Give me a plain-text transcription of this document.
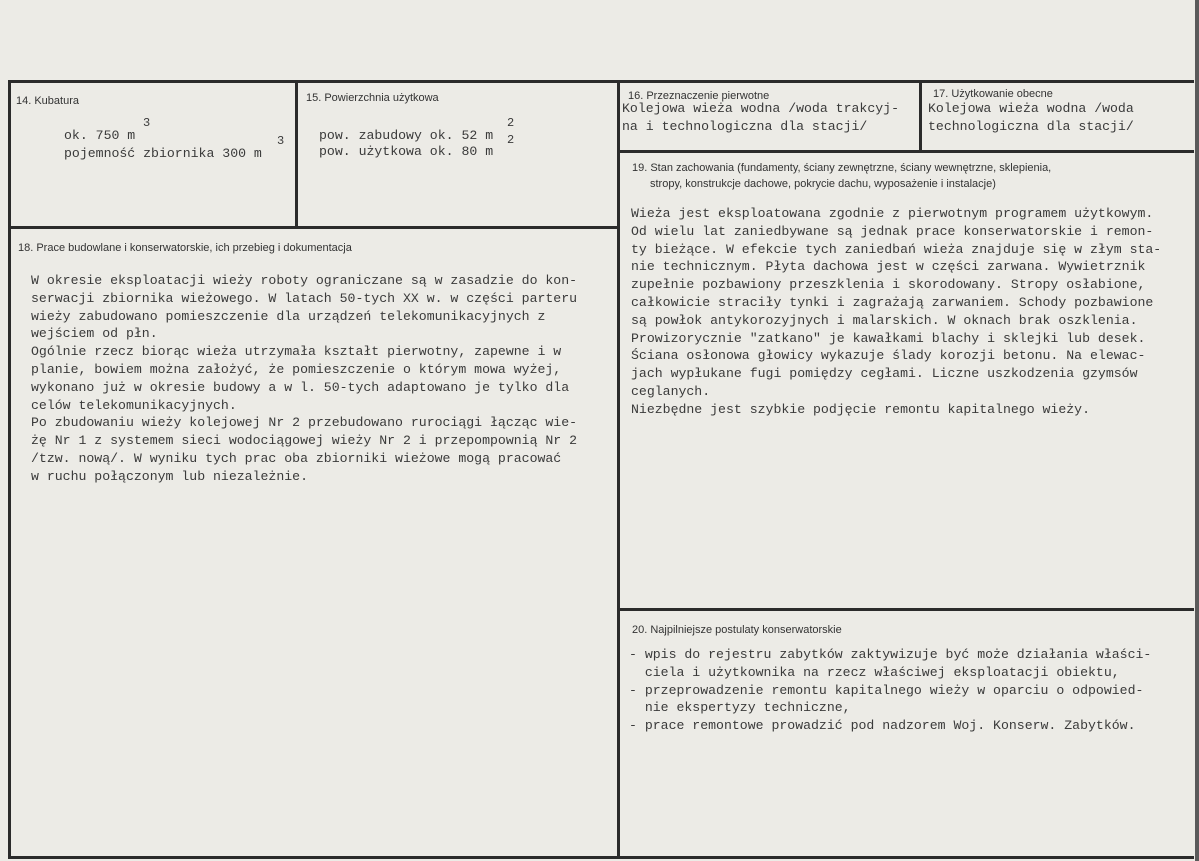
14. Kubatura
ok. 750 m
3
pojemność zbiornika 300 m
3
15. Powierzchnia użytkowa
pow. zabudowy ok. 52 m
2
pow. użytkowa ok. 80 m
2
16. Przeznaczenie pierwotne
Kolejowa wieża wodna /woda trakcyj-
na i technologiczna dla stacji/
17. Użytkowanie obecne
Kolejowa wieża wodna /woda
technologiczna dla stacji/
18. Prace budowlane i konserwatorskie, ich przebieg i dokumentacja
W okresie eksploatacji wieży roboty ograniczane są w zasadzie do kon-
serwacji zbiornika wieżowego. W latach 50-tych XX w. w części parteru
wieży zabudowano pomieszczenie dla urządzeń telekomunikacyjnych z
wejściem od płn.
Ogólnie rzecz biorąc wieża utrzymała kształt pierwotny, zapewne i w
planie, bowiem można założyć, że pomieszczenie o którym mowa wyżej,
wykonano już w okresie budowy a w l. 50-tych adaptowano je tylko dla
celów telekomunikacyjnych.
Po zbudowaniu wieży kolejowej Nr 2 przebudowano rurociągi łącząc wie-
żę Nr 1 z systemem sieci wodociągowej wieży Nr 2 i przepompownią Nr 2
/tzw. nową/. W wyniku tych prac oba zbiorniki wieżowe mogą pracować
w ruchu połączonym lub niezależnie.
19. Stan zachowania (fundamenty, ściany zewnętrzne, ściany wewnętrzne, sklepienia,
stropy, konstrukcje dachowe, pokrycie dachu, wyposażenie i instalacje)
Wieża jest eksploatowana zgodnie z pierwotnym programem użytkowym.
Od wielu lat zaniedbywane są jednak prace konserwatorskie i remon-
ty bieżące. W efekcie tych zaniedbań wieża znajduje się w złym sta-
nie technicznym. Płyta dachowa jest w części zarwana. Wywietrznik
zupełnie pozbawiony przeszklenia i skorodowany. Stropy osłabione,
całkowicie straciły tynki i zagrażają zarwaniem. Schody pozbawione
są powłok antykorozyjnych i malarskich. W oknach brak oszklenia.
Prowizorycznie "zatkano" je kawałkami blachy i sklejki lub desek.
Ściana osłonowa głowicy wykazuje ślady korozji betonu. Na elewac-
jach wypłukane fugi pomiędzy cegłami. Liczne uszkodzenia gzymsów
ceglanych.
Niezbędne jest szybkie podjęcie remontu kapitalnego wieży.
20. Najpilniejsze postulaty konserwatorskie
- wpis do rejestru zabytków zaktywizuje być może działania właści-
ciela i użytkownika na rzecz właściwej eksploatacji obiektu,
- przeprowadzenie remontu kapitalnego wieży w oparciu o odpowied-
nie ekspertyzy techniczne,
- prace remontowe prowadzić pod nadzorem Woj. Konserw. Zabytków.
